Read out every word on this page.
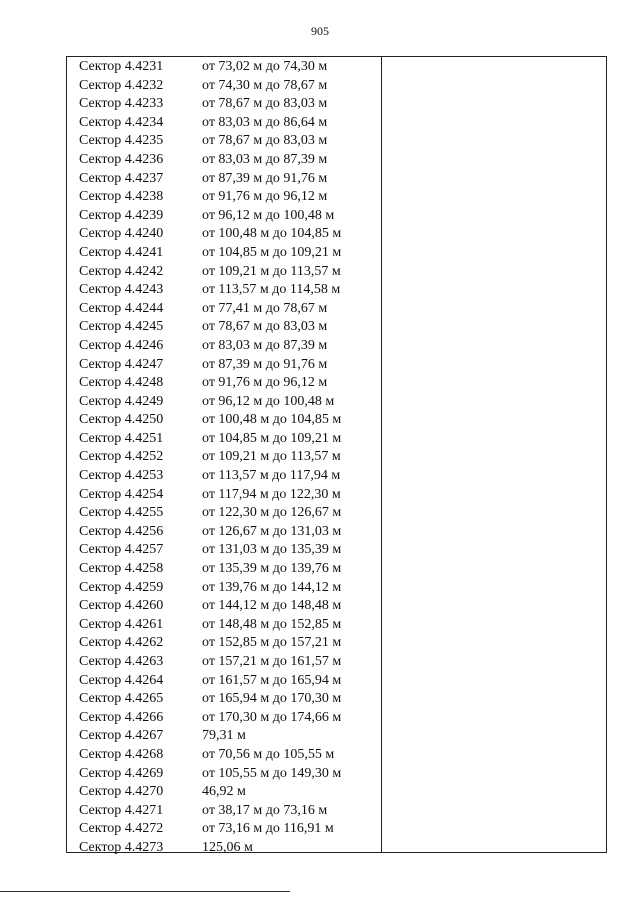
905
Сектор 4.4231	от 73,02 м до 74,30 м
Сектор 4.4232	от 74,30 м до 78,67 м
Сектор 4.4233	от 78,67 м до 83,03 м
Сектор 4.4234	от 83,03 м до 86,64 м
Сектор 4.4235	от 78,67 м до 83,03 м
Сектор 4.4236	от 83,03 м до 87,39 м
Сектор 4.4237	от 87,39 м до 91,76 м
Сектор 4.4238	от 91,76 м до 96,12 м
Сектор 4.4239	от 96,12 м до 100,48 м
Сектор 4.4240	от 100,48 м до 104,85 м
Сектор 4.4241	от 104,85 м до 109,21 м
Сектор 4.4242	от 109,21 м до 113,57 м
Сектор 4.4243	от 113,57 м до 114,58 м
Сектор 4.4244	от 77,41 м до 78,67 м
Сектор 4.4245	от 78,67 м до 83,03 м
Сектор 4.4246	от 83,03 м до 87,39 м
Сектор 4.4247	от 87,39 м до 91,76 м
Сектор 4.4248	от 91,76 м до 96,12 м
Сектор 4.4249	от 96,12 м до 100,48 м
Сектор 4.4250	от 100,48 м до 104,85 м
Сектор 4.4251	от 104,85 м до 109,21 м
Сектор 4.4252	от 109,21 м до 113,57 м
Сектор 4.4253	от 113,57 м до 117,94 м
Сектор 4.4254	от 117,94 м до 122,30 м
Сектор 4.4255	от 122,30 м до 126,67 м
Сектор 4.4256	от 126,67 м до 131,03 м
Сектор 4.4257	от 131,03 м до 135,39 м
Сектор 4.4258	от 135,39 м до 139,76 м
Сектор 4.4259	от 139,76 м до 144,12 м
Сектор 4.4260	от 144,12 м до 148,48 м
Сектор 4.4261	от 148,48 м до 152,85 м
Сектор 4.4262	от 152,85 м до 157,21 м
Сектор 4.4263	от 157,21 м до 161,57 м
Сектор 4.4264	от 161,57 м до 165,94 м
Сектор 4.4265	от 165,94 м до 170,30 м
Сектор 4.4266	от 170,30 м до 174,66 м
Сектор 4.4267	79,31 м
Сектор 4.4268	от 70,56 м до 105,55 м
Сектор 4.4269	от 105,55 м до 149,30 м
Сектор 4.4270	46,92 м
Сектор 4.4271	от 38,17 м до 73,16 м
Сектор 4.4272	от 73,16 м до 116,91 м
Сектор 4.4273	125,06 м
